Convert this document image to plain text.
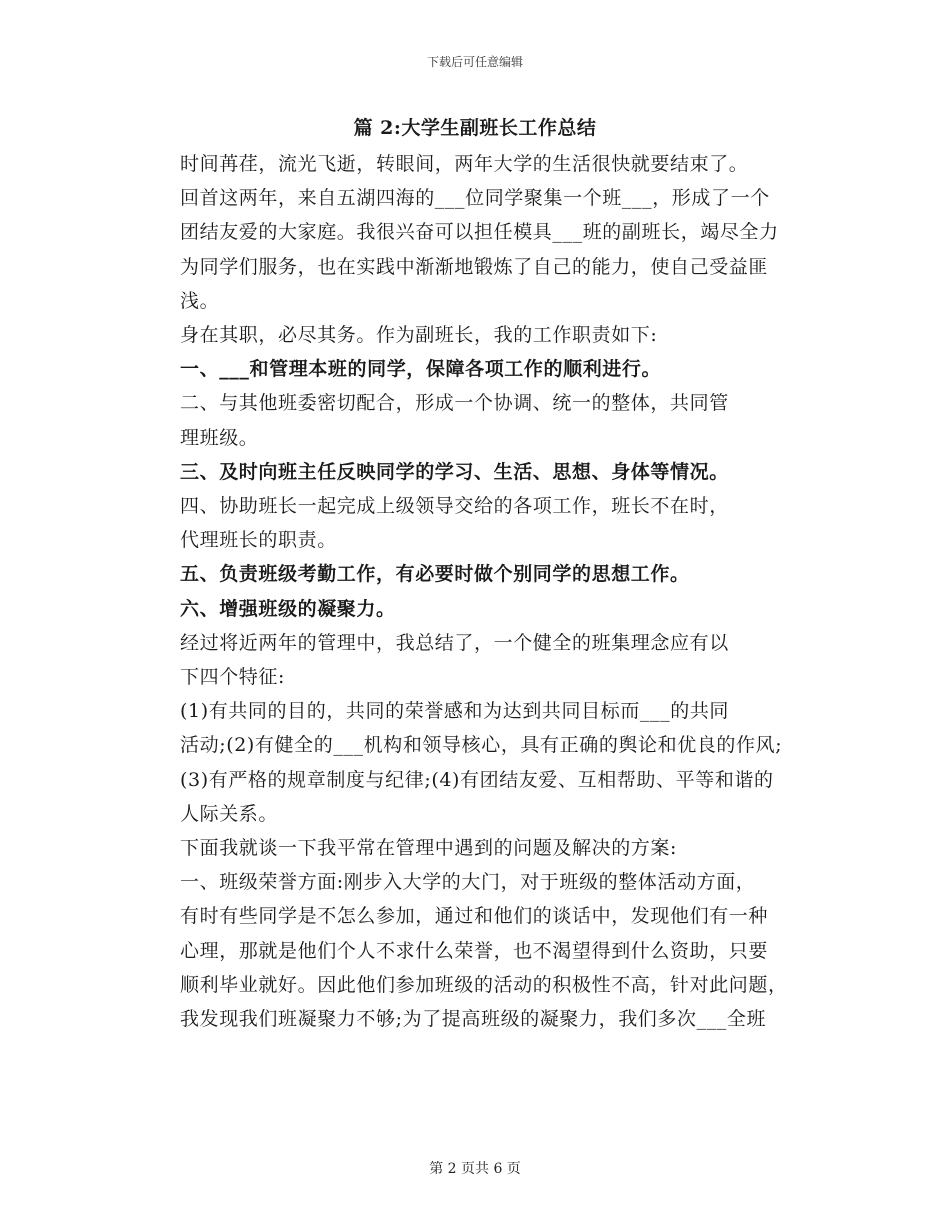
下载后可任意编辑
篇 2:大学生副班长工作总结

时间苒荏，流光飞逝，转眼间，两年大学的生活很快就要结束了。
回首这两年，来自五湖四海的___位同学聚集一个班___，形成了一个
团结友爱的大家庭。我很兴奋可以担任模具___班的副班长，竭尽全力
为同学们服务，也在实践中渐渐地锻炼了自己的能力，使自己受益匪
浅。

身在其职，必尽其务。作为副班长，我的工作职责如下:

一、___和管理本班的同学，保障各项工作的顺利进行。

二、与其他班委密切配合，形成一个协调、统一的整体，共同管
理班级。

三、及时向班主任反映同学的学习、生活、思想、身体等情况。

四、协助班长一起完成上级领导交给的各项工作，班长不在时，
代理班长的职责。

五、负责班级考勤工作，有必要时做个别同学的思想工作。

六、增强班级的凝聚力。

经过将近两年的管理中，我总结了，一个健全的班集理念应有以
下四个特征:

(1)有共同的目的，共同的荣誉感和为达到共同目标而___的共同
活动;(2)有健全的___机构和领导核心，具有正确的舆论和优良的作风;
(3)有严格的规章制度与纪律;(4)有团结友爱、互相帮助、平等和谐的
人际关系。

下面我就谈一下我平常在管理中遇到的问题及解决的方案:

一、班级荣誉方面:刚步入大学的大门，对于班级的整体活动方面，
有时有些同学是不怎么参加，通过和他们的谈话中，发现他们有一种
心理，那就是他们个人不求什么荣誉，也不渴望得到什么资助，只要
顺利毕业就好。因此他们参加班级的活动的积极性不高，针对此问题，
我发现我们班凝聚力不够;为了提高班级的凝聚力，我们多次___全班

第 2 页共 6 页
